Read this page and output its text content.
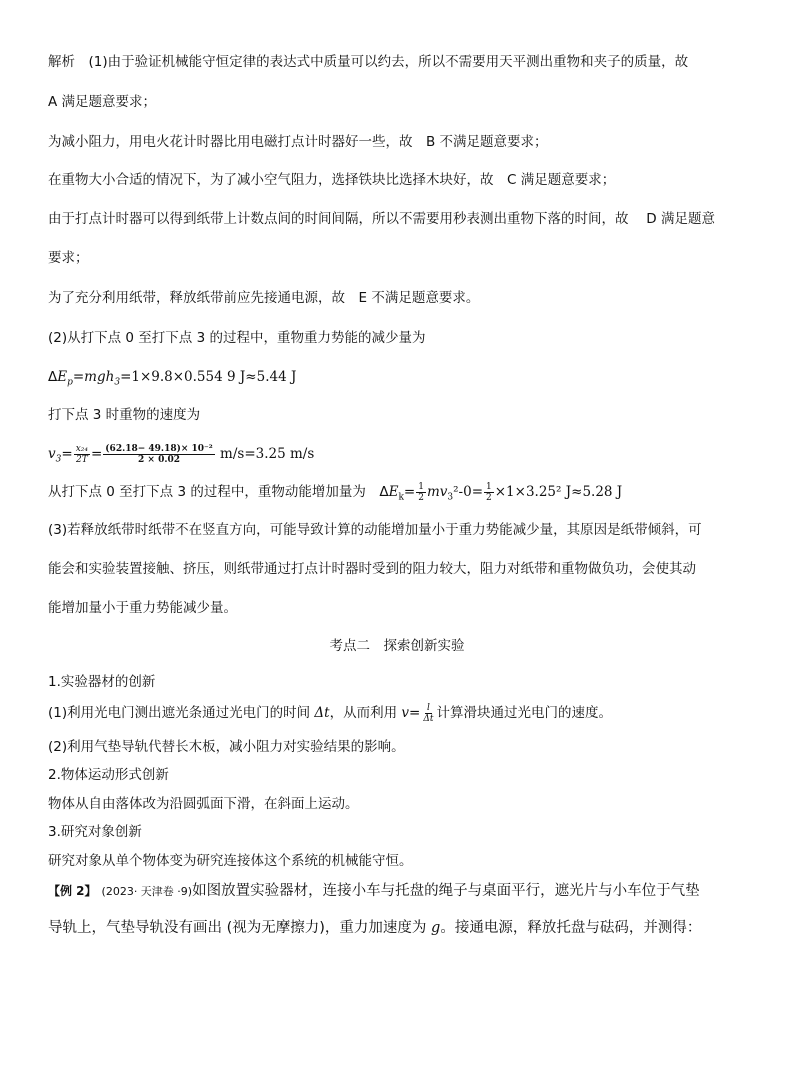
解析　(1)由于验证机械能守恒定律的表达式中质量可以约去，所以不需要用天平测出重物和夹子的质量，故
A 满足题意要求；
为减小阻力，用电火花计时器比用电磁打点计时器好一些，故　B 不满足题意要求；
在重物大小合适的情况下，为了减小空气阻力，选择铁块比选择木块好，故　C 满足题意要求；
由于打点计时器可以得到纸带上计数点间的时间间隔，所以不需要用秒表测出重物下落的时间，故　 D 满足题意
要求；
为了充分利用纸带，释放纸带前应先接通电源，故　E 不满足题意要求。
(2)从打下点 0 至打下点 3 的过程中，重物重力势能的减少量为
$\Delta E_p=mgh_3=1\times 9.8\times 0.554$ 9 J≈5.44 J
打下点 3 时重物的速度为
$v_3= \frac{\text{x₂₄}}{2T} = \frac{\text{(62.18− 49.18)× 10⁻²}}{2 \times 0.02} m/s=3.25$ m/s
从打下点 0 至打下点 3 的过程中，重物动能增加量为　$\Delta E_k= \frac{1}{2} mv_3^2-0= \frac{1}{2} \times 1\times 3.25^2$ J≈5.28 J
(3)若释放纸带时纸带不在竖直方向，可能导致计算的动能增加量小于重力势能减少量，其原因是纸带倾斜，可
能会和实验装置接触、挤压，则纸带通过打点计时器时受到的阻力较大，阻力对纸带和重物做负功，会使其动
能增加量小于重力势能减少量。
考点二　探索创新实验
1.实验器材的创新
(1)利用光电门测出遮光条通过光电门的时间 Δt，从而利用 $v= \frac{l}{\Delta t}$ 计算滑块通过光电门的速度。
(2)利用气垫导轨代替长木板，减小阻力对实验结果的影响。
2.物体运动形式创新
物体从自由落体改为沿圆弧面下滑，在斜面上运动。
3.研究对象创新
研究对象从单个物体变为研究连接体这个系统的机械能守恒。
【例 2】　(2023· 天津卷 ·9)如图放置实验器材，连接小车与托盘的绳子与桌面平行，遮光片与小车位于气垫
导轨上，气垫导轨没有画出 (视为无摩擦力)，重力加速度为 g。接通电源，释放托盘与砝码，并测得：
